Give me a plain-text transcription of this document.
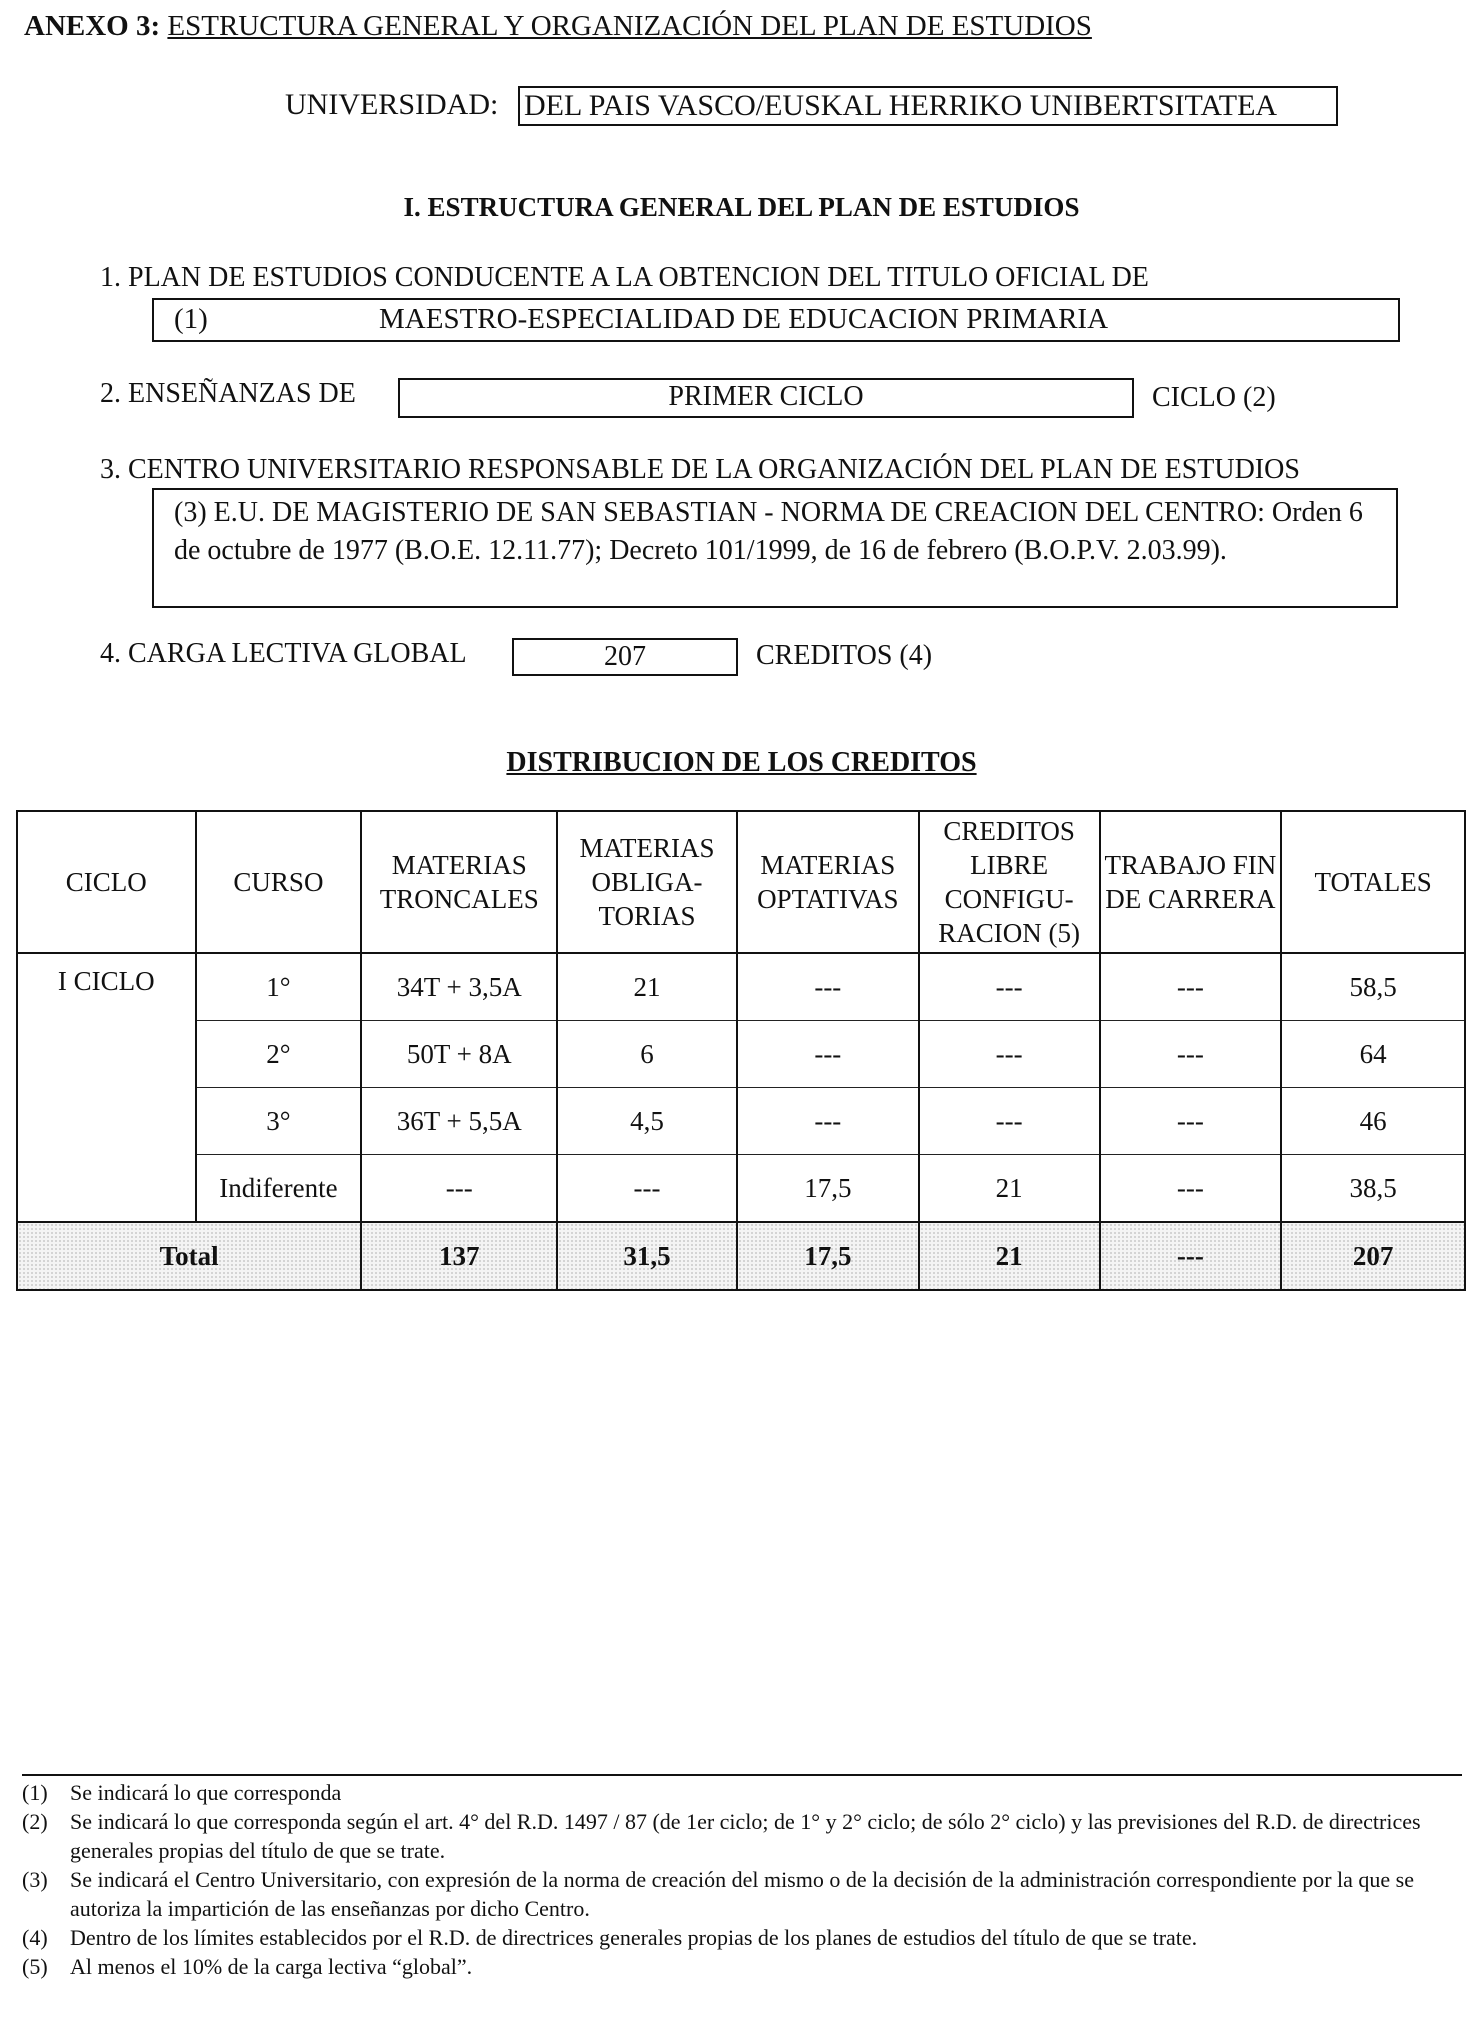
ANEXO 3: ESTRUCTURA GENERAL Y ORGANIZACIÓN DEL PLAN DE ESTUDIOS
UNIVERSIDAD: DEL PAIS VASCO/EUSKAL HERRIKO UNIBERTSITATEA
I. ESTRUCTURA GENERAL DEL PLAN DE ESTUDIOS
1. PLAN DE ESTUDIOS CONDUCENTE A LA OBTENCION DEL TITULO OFICIAL DE
(1)	MAESTRO-ESPECIALIDAD DE EDUCACION PRIMARIA
2. ENSEÑANZAS DE	PRIMER CICLO	CICLO (2)
3. CENTRO UNIVERSITARIO RESPONSABLE DE LA ORGANIZACIÓN DEL PLAN DE ESTUDIOS
(3) E.U. DE MAGISTERIO DE SAN SEBASTIAN - NORMA DE CREACION DEL CENTRO: Orden 6 de octubre de 1977 (B.O.E. 12.11.77); Decreto 101/1999, de 16 de febrero (B.O.P.V. 2.03.99).
4. CARGA LECTIVA GLOBAL	207	CREDITOS (4)
DISTRIBUCION DE LOS CREDITOS
CICLO	CURSO	MATERIAS TRONCALES	MATERIAS OBLIGA- TORIAS	MATERIAS OPTATIVAS	CREDITOS LIBRE CONFIGU- RACION (5)	TRABAJO FIN DE CARRERA	TOTALES
I CICLO	1°	34T + 3,5A	21	---	---	---	58,5
	2°	50T + 8A	6	---	---	---	64
	3°	36T + 5,5A	4,5	---	---	---	46
	Indiferente	---	---	17,5	21	---	38,5
Total		137	31,5	17,5	21	---	207
(1)	Se indicará lo que corresponda
(2)	Se indicará lo que corresponda según el art. 4° del R.D. 1497 / 87 (de 1er ciclo; de 1° y 2° ciclo; de sólo 2° ciclo) y las previsiones del R.D. de directrices generales propias del título de que se trate.
(3)	Se indicará el Centro Universitario, con expresión de la norma de creación del mismo o de la decisión de la administración correspondiente por la que se autoriza la impartición de las enseñanzas por dicho Centro.
(4)	Dentro de los límites establecidos por el R.D. de directrices generales propias de los planes de estudios del título de que se trate.
(5)	Al menos el 10% de la carga lectiva “global”.
